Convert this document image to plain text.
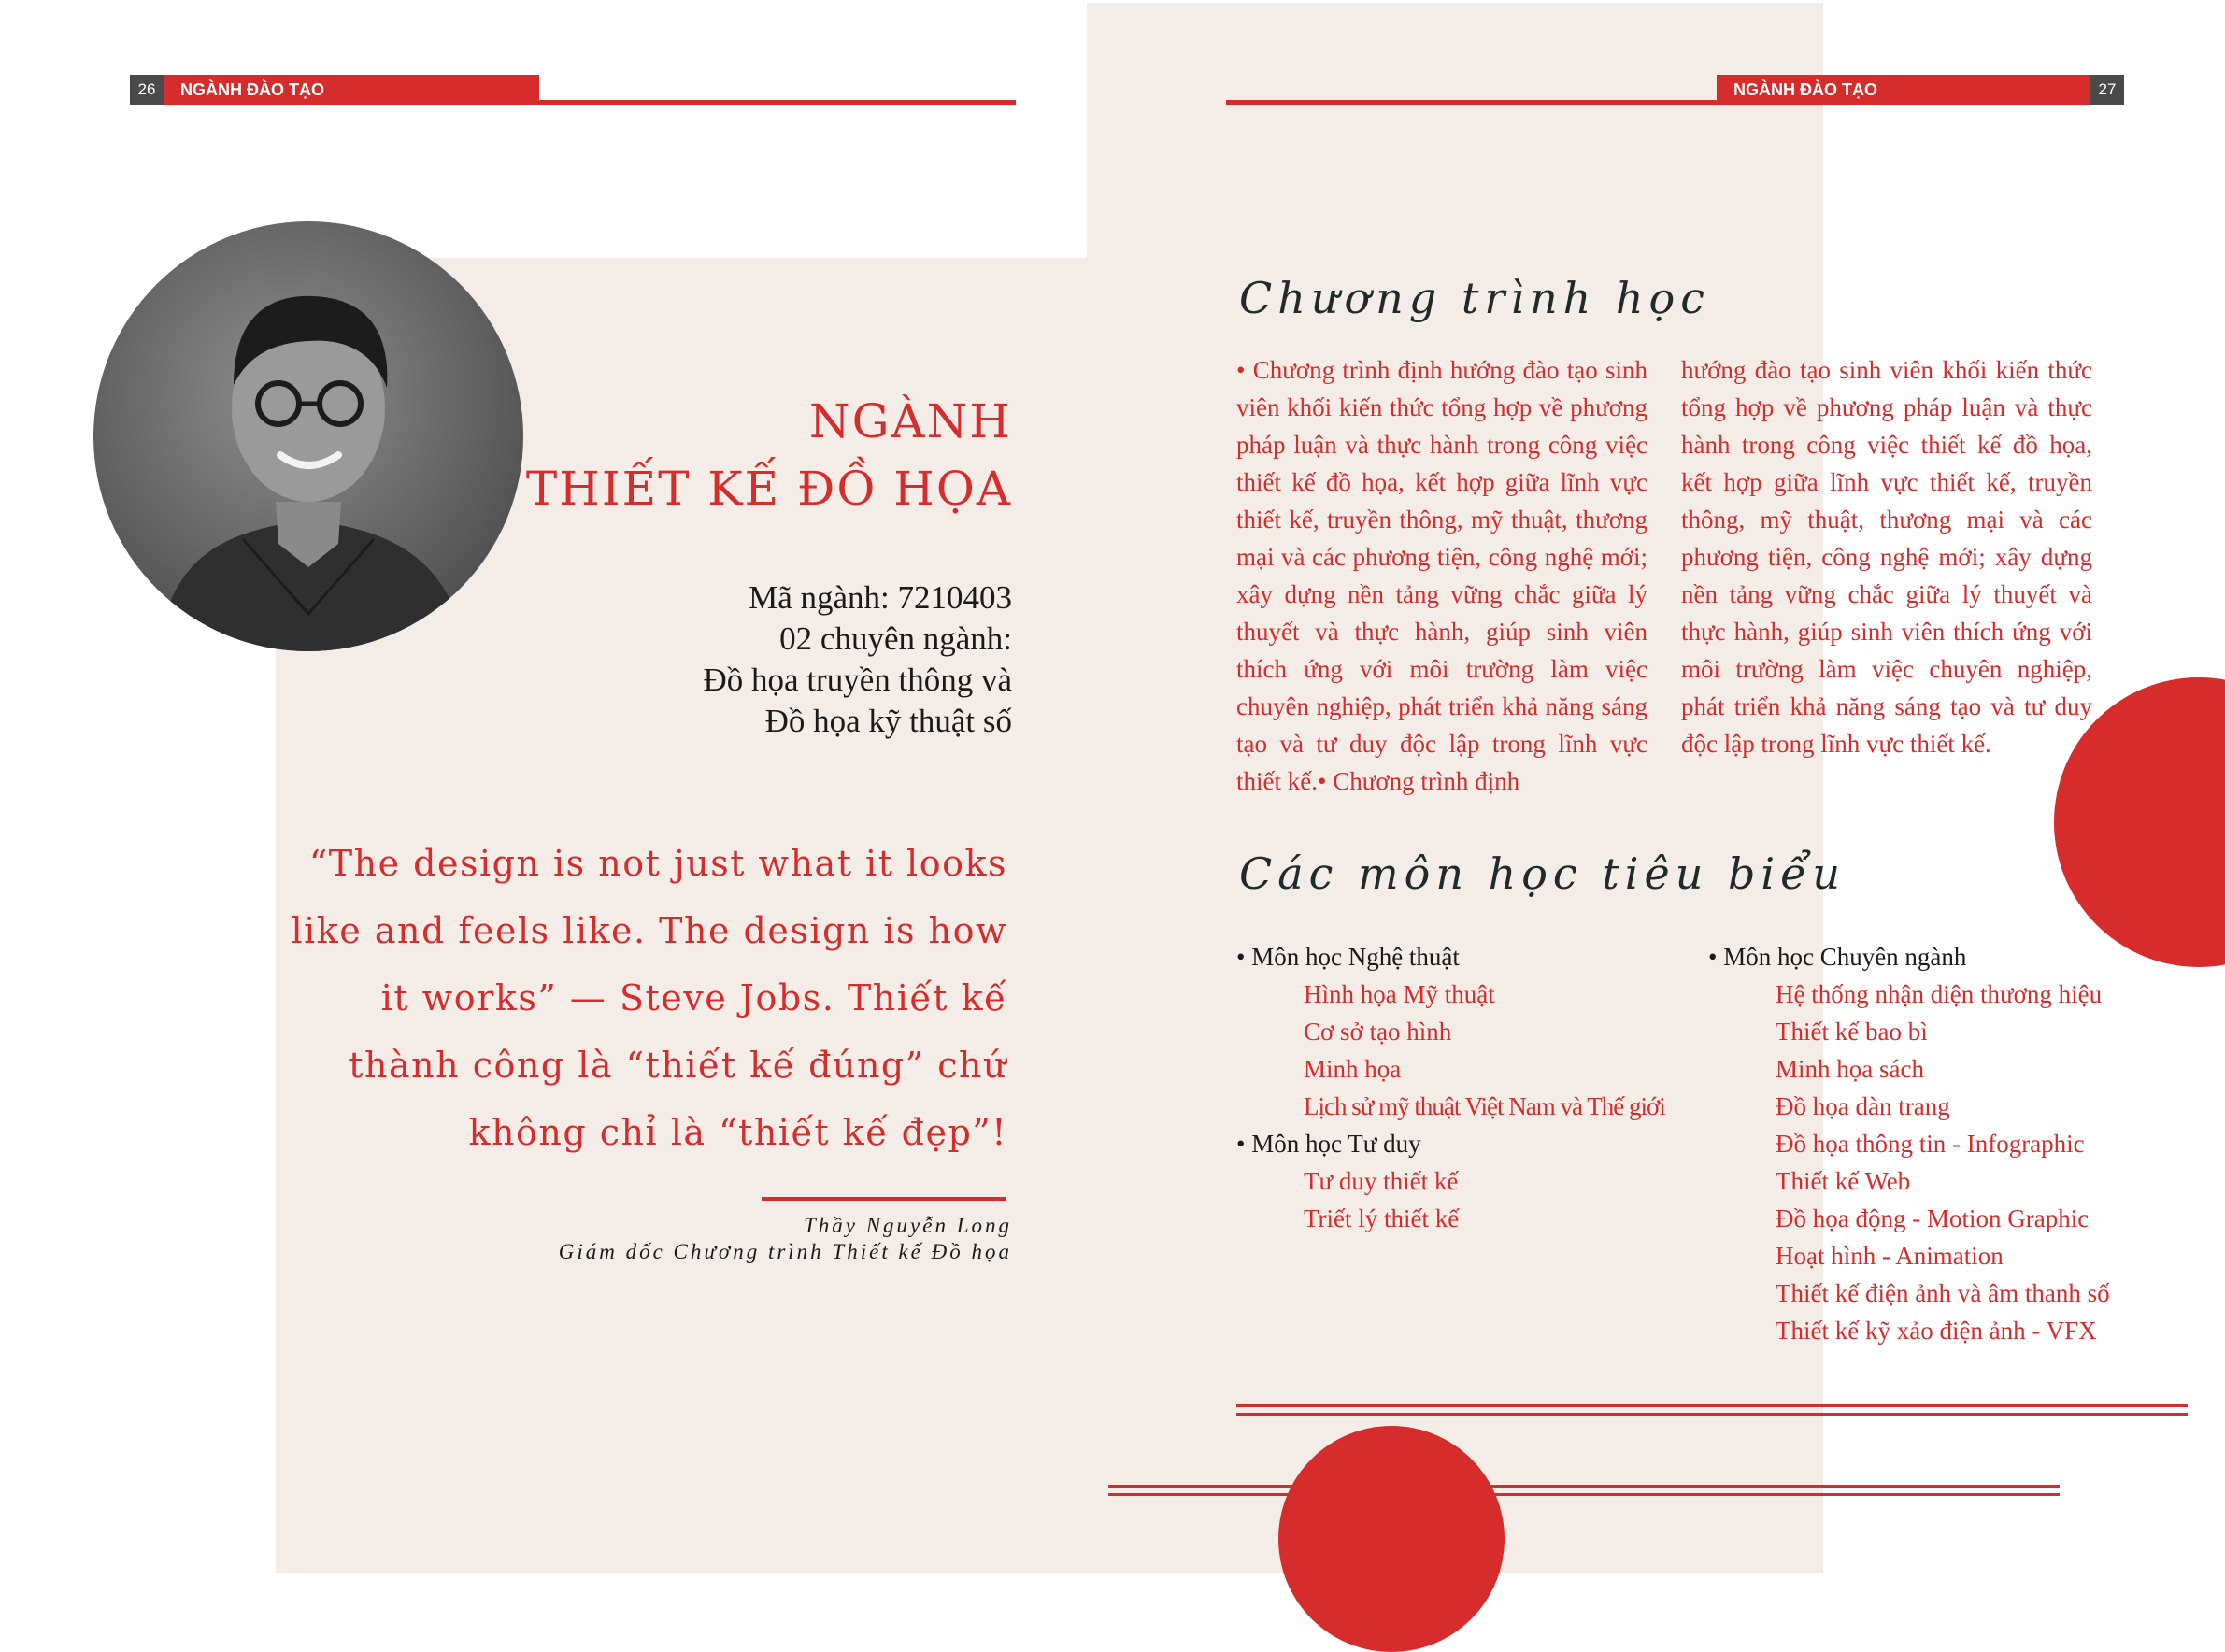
26	NGÀNH ĐÀO TẠO	NGÀNH ĐÀO TẠO	27
NGÀNH
THIẾT KẾ ĐỒ HỌA
Mã ngành: 7210403
02 chuyên ngành:
Đồ họa truyền thông và
Đồ họa kỹ thuật số
“The design is not just what it looks like and feels like. The design is how it works” — Steve Jobs. Thiết kế thành công là “thiết kế đúng” chứ không chỉ là “thiết kế đẹp”!
Thầy Nguyễn Long
Giám đốc Chương trình Thiết kế Đồ họa
Chương trình học
• Chương trình định hướng đào tạo sinh viên khối kiến thức tổng hợp về phương pháp luận và thực hành trong công việc thiết kế đồ họa, kết hợp giữa lĩnh vực thiết kế, truyền thông, mỹ thuật, thương mại và các phương tiện, công nghệ mới; xây dựng nền tảng vững chắc giữa lý thuyết và thực hành, giúp sinh viên thích ứng với môi trường làm việc chuyên nghiệp, phát triển khả năng sáng tạo và tư duy độc lập trong lĩnh vực thiết kế.• Chương trình định
hướng đào tạo sinh viên khối kiến thức tổng hợp về phương pháp luận và thực hành trong công việc thiết kế đồ họa, kết hợp giữa lĩnh vực thiết kế, truyền thông, mỹ thuật, thương mại và các phương tiện, công nghệ mới; xây dựng nền tảng vững chắc giữa lý thuyết và thực hành, giúp sinh viên thích ứng với môi trường làm việc chuyên nghiệp, phát triển khả năng sáng tạo và tư duy độc lập trong lĩnh vực thiết kế.
Các môn học tiêu biểu
• Môn học Nghệ thuật
Hình họa Mỹ thuật
Cơ sở tạo hình
Minh họa
Lịch sử mỹ thuật Việt Nam và Thế giới
• Môn học Tư duy
Tư duy thiết kế
Triết lý thiết kế
• Môn học Chuyên ngành
Hệ thống nhận diện thương hiệu
Thiết kế bao bì
Minh họa sách
Đồ họa dàn trang
Đồ họa thông tin - Infographic
Thiết kế Web
Đồ họa động - Motion Graphic
Hoạt hình - Animation
Thiết kế điện ảnh và âm thanh số
Thiết kế kỹ xảo điện ảnh - VFX
